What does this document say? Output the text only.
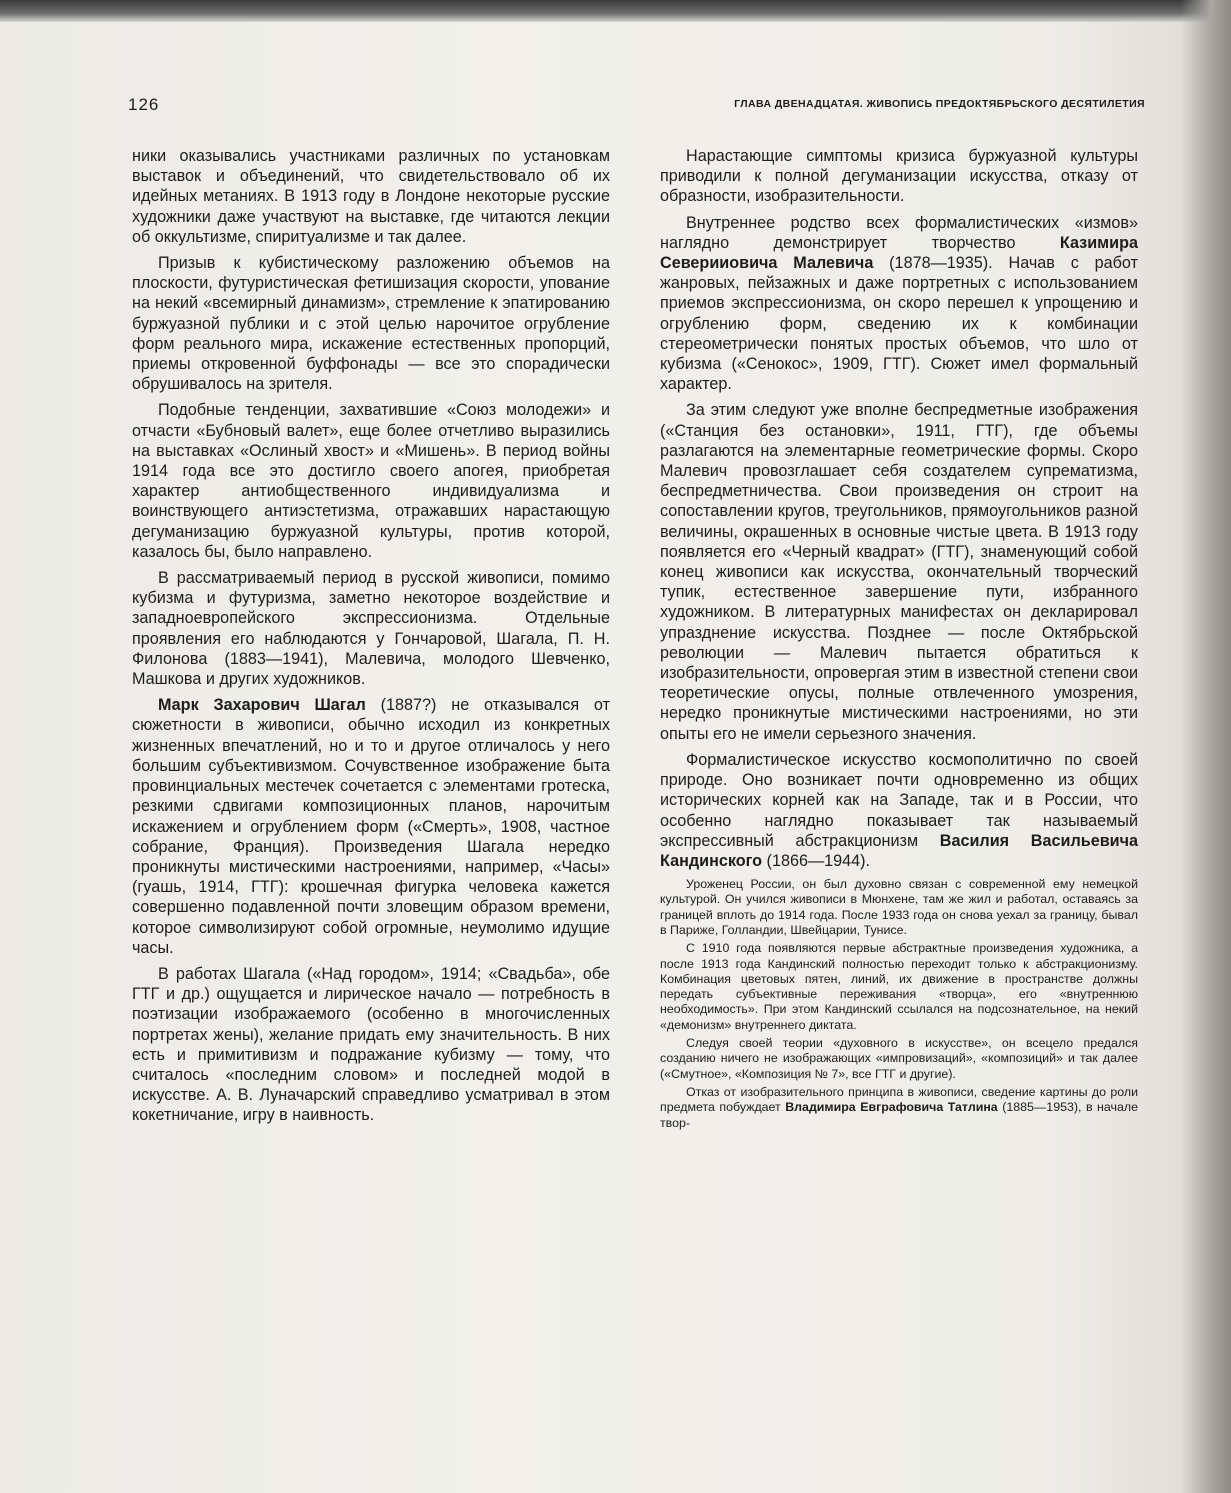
126	ГЛАВА ДВЕНАДЦАТАЯ. ЖИВОПИСЬ ПРЕДОКТЯБРЬСКОГО ДЕСЯТИЛЕТИЯ

ники оказывались участниками различных по установкам выставок и объединений, что свидетельствовало об их идейных метаниях. В 1913 году в Лондоне некоторые русские художники даже участвуют на выставке, где читаются лекции об оккультизме, спиритуализме и так далее.

Призыв к кубистическому разложению объемов на плоскости, футуристическая фетишизация скорости, упование на некий «всемирный динамизм», стремление к эпатированию буржуазной публики и с этой целью нарочитое огрубление форм реального мира, искажение естественных пропорций, приемы откровенной буффонады — все это спорадически обрушивалось на зрителя.

Подобные тенденции, захватившие «Союз молодежи» и отчасти «Бубновый валет», еще более отчетливо выразились на выставках «Ослиный хвост» и «Мишень». В период войны 1914 года все это достигло своего апогея, приобретая характер антиобщественного индивидуализма и воинствующего антиэстетизма, отражавших нарастающую дегуманизацию буржуазной культуры, против которой, казалось бы, было направлено.

В рассматриваемый период в русской живописи, помимо кубизма и футуризма, заметно некоторое воздействие и западноевропейского экспрессионизма. Отдельные проявления его наблюдаются у Гончаровой, Шагала, П. Н. Филонова (1883—1941), Малевича, молодого Шевченко, Машкова и других художников.

Марк Захарович Шагал (1887?) не отказывался от сюжетности в живописи, обычно исходил из конкретных жизненных впечатлений, но и то и другое отличалось у него большим субъективизмом. Сочувственное изображение быта провинциальных местечек сочетается с элементами гротеска, резкими сдвигами композиционных планов, нарочитым искажением и огрублением форм («Смерть», 1908, частное собрание, Франция). Произведения Шагала нередко проникнуты мистическими настроениями, например, «Часы» (гуашь, 1914, ГТГ): крошечная фигурка человека кажется совершенно подавленной почти зловещим образом времени, которое символизируют собой огромные, неумолимо идущие часы.

В работах Шагала («Над городом», 1914; «Свадьба», обе ГТГ и др.) ощущается и лирическое начало — потребность в поэтизации изображаемого (особенно в многочисленных портретах жены), желание придать ему значительность. В них есть и примитивизм и подражание кубизму — тому, что считалось «последним словом» и последней модой в искусстве. А. В. Луначарский справедливо усматривал в этом кокетничание, игру в наивность.

Нарастающие симптомы кризиса буржуазной культуры приводили к полной дегуманизации искусства, отказу от образности, изобразительности.

Внутреннее родство всех формалистических «измов» наглядно демонстрирует творчество Казимира Северииовича Малевича (1878—1935). Начав с работ жанровых, пейзажных и даже портретных с использованием приемов экспрессионизма, он скоро перешел к упрощению и огрублению форм, сведению их к комбинации стереометрически понятых простых объемов, что шло от кубизма («Сенокос», 1909, ГТГ). Сюжет имел формальный характер.

За этим следуют уже вполне беспредметные изображения («Станция без остановки», 1911, ГТГ), где объемы разлагаются на элементарные геометрические формы. Скоро Малевич провозглашает себя создателем супрематизма, беспредметничества. Свои произведения он строит на сопоставлении кругов, треугольников, прямоугольников разной величины, окрашенных в основные чистые цвета. В 1913 году появляется его «Черный квадрат» (ГТГ), знаменующий собой конец живописи как искусства, окончательный творческий тупик, естественное завершение пути, избранного художником. В литературных манифестах он декларировал упразднение искусства. Позднее — после Октябрьской революции — Малевич пытается обратиться к изобразительности, опровергая этим в известной степени свои теоретические опусы, полные отвлеченного умозрения, нередко проникнутые мистическими настроениями, но эти опыты его не имели серьезного значения.

Формалистическое искусство космополитично по своей природе. Оно возникает почти одновременно из общих исторических корней как на Западе, так и в России, что особенно наглядно показывает так называемый экспрессивный абстракционизм Василия Васильевича Кандинского (1866—1944).

Уроженец России, он был духовно связан с современной ему немецкой культурой. Он учился живописи в Мюнхене, там же жил и работал, оставаясь за границей вплоть до 1914 года. После 1933 года он снова уехал за границу, бывал в Париже, Голландии, Швейцарии, Тунисе.

С 1910 года появляются первые абстрактные произведения художника, а после 1913 года Кандинский полностью переходит только к абстракционизму. Комбинация цветовых пятен, линий, их движение в пространстве должны передать субъективные переживания «творца», его «внутреннюю необходимость». При этом Кандинский ссылался на подсознательное, на некий «демонизм» внутреннего диктата.

Следуя своей теории «духовного в искусстве», он всецело предался созданию ничего не изображающих «импровизаций», «композиций» и так далее («Смутное», «Композиция № 7», все ГТГ и другие).

Отказ от изобразительного принципа в живописи, сведение картины до роли предмета побуждает Владимира Евграфовича Татлина (1885—1953), в начале твор-
